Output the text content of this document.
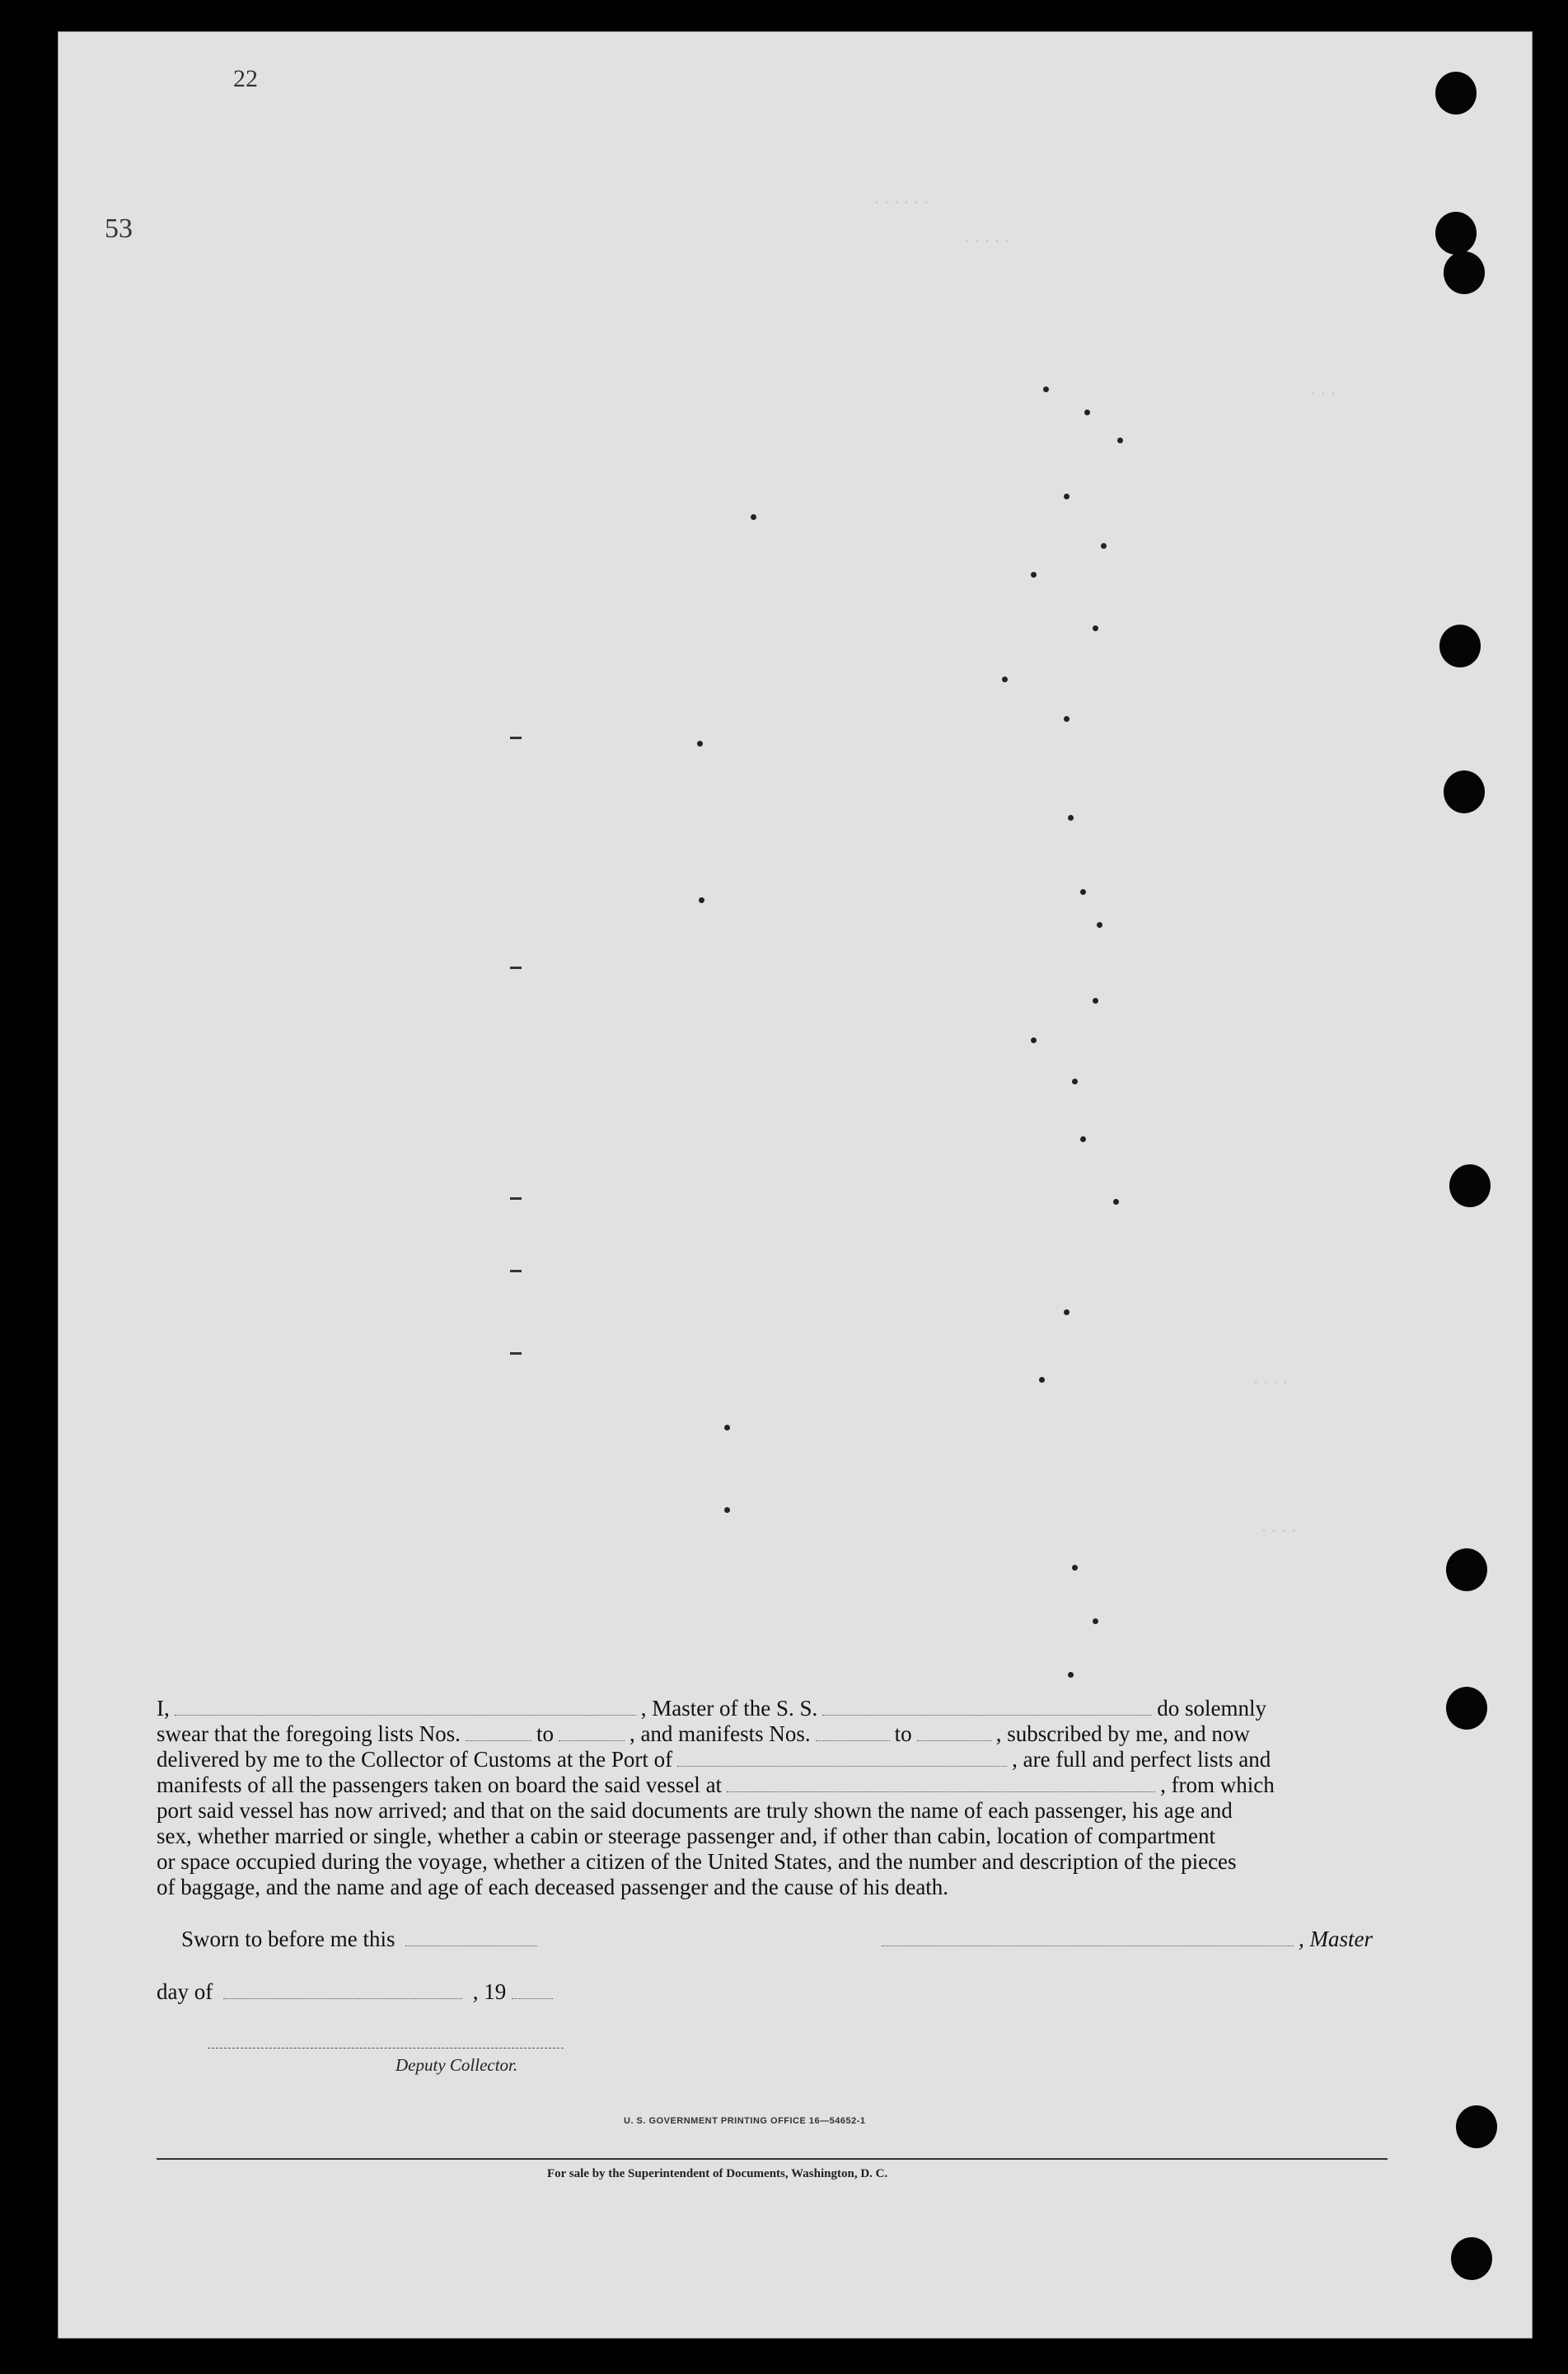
22
53
. . . . . .
. . . . .
. . .
. . . .
. . . .
I,	, Master of the S. S.	do solemnly
swear that the foregoing lists Nos.	to	, and manifests Nos.	to	, subscribed by me, and now
delivered by me to the Collector of Customs at the Port of	, are full and perfect lists and
manifests of all the passengers taken on board the said vessel at	, from which
port said vessel has now arrived; and that on the said documents are truly shown the name of each passenger, his age and
sex, whether married or single, whether a cabin or steerage passenger and, if other than cabin, location of compartment
or space occupied during the voyage, whether a citizen of the United States, and the number and description of the pieces
of baggage, and the name and age of each deceased passenger and the cause of his death.
Sworn to before me this	, Master
day of	, 19
Deputy Collector.
U. S. GOVERNMENT PRINTING OFFICE 16—54652-1
For sale by the Superintendent of Documents, Washington, D. C.
